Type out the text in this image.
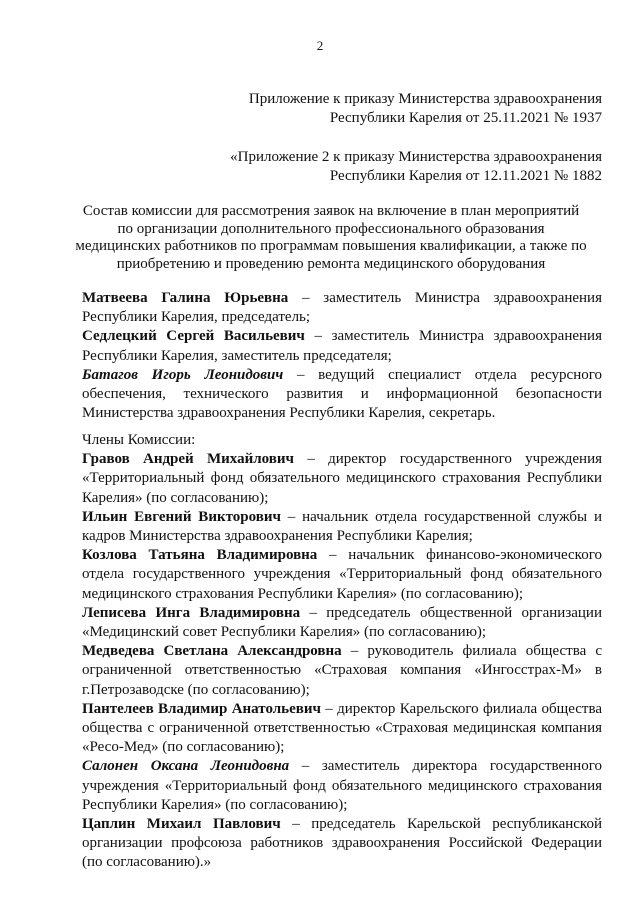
2
Приложение к приказу Министерства здравоохранения
Республики Карелия от 25.11.2021 № 1937
«Приложение 2 к приказу Министерства здравоохранения
Республики Карелия от 12.11.2021 № 1882
Состав комиссии для рассмотрения заявок на включение в план мероприятий
по организации дополнительного профессионального образования
медицинских работников по программам повышения квалификации, а также по
приобретению и проведению ремонта медицинского оборудования

Матвеева Галина Юрьевна – заместитель Министра здравоохранения Республики Карелия, председатель;

Седлецкий Сергей Васильевич – заместитель Министра здравоохранения Республики Карелия, заместитель председателя;

Батагов Игорь Леонидович – ведущий специалист отдела ресурсного обеспечения, технического развития и информационной безопасности Министерства здравоохранения Республики Карелия, секретарь.

Члены Комиссии:

Гравов Андрей Михайлович – директор государственного учреждения «Территориальный фонд обязательного медицинского страхования Республики Карелия» (по согласованию);

Ильин Евгений Викторович – начальник отдела государственной службы и кадров Министерства здравоохранения Республики Карелия;

Козлова Татьяна Владимировна – начальник финансово-экономического отдела государственного учреждения «Территориальный фонд обязательного медицинского страхования Республики Карелия» (по согласованию);

Леписева Инга Владимировна – председатель общественной организации «Медицинский совет Республики Карелия» (по согласованию);

Медведева Светлана Александровна – руководитель филиала общества с ограниченной ответственностью «Страховая компания «Ингосстрах-М» в г.Петрозаводске (по согласованию);

Пантелеев Владимир Анатольевич – директор Карельского филиала общества общества с ограниченной ответственностью «Страховая медицинская компания «Ресо-Мед» (по согласованию);

Салонен Оксана Леонидовна – заместитель директора государственного учреждения «Территориальный фонд обязательного медицинского страхования Республики Карелия» (по согласованию);

Цаплин Михаил Павлович – председатель Карельской республиканской организации профсоюза работников здравоохранения Российской Федерации (по согласованию).»
